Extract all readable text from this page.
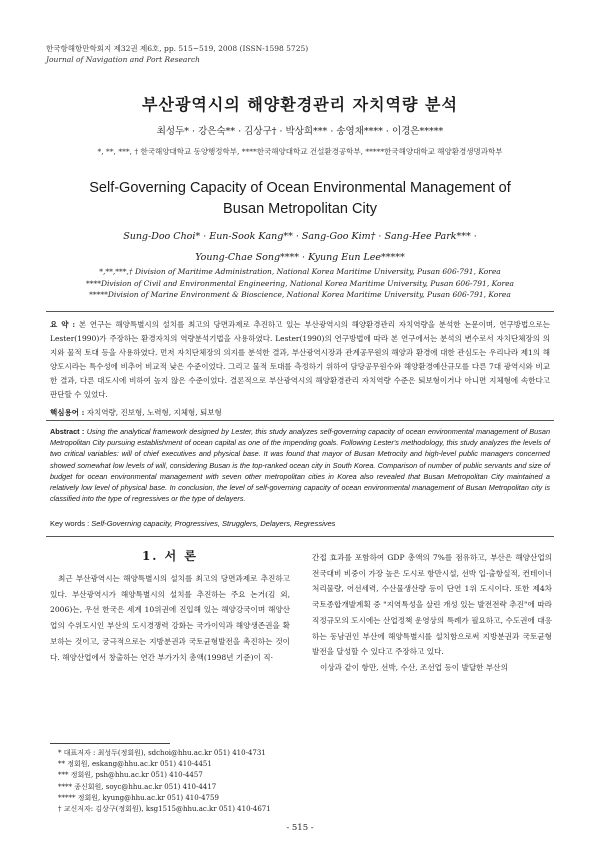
한국항해항만학회지 제32권 제6호, pp. 515~519, 2008 (ISSN-1598 5725)
Journal of Navigation and Port Research
부산광역시의 해양환경관리 자치역량 분석
최성두* · 강은숙** · 김상구† · 박상희*** · 송영채**** · 이경은*****
*, **, ***, † 한국해양대학교 동양행정학부, ****한국해양대학교 건설환경공학부, *****한국해양대학교 해양환경생명과학부
Self-Governing Capacity of Ocean Environmental Management of Busan Metropolitan City
Sung-Doo Choi* · Eun-Sook Kang** · Sang-Goo Kim† · Sang-Hee Park*** ·
Young-Chae Song**** · Kyung Eun Lee*****
*,**,***,† Division of Maritime Administration, National Korea Maritime University, Pusan 606-791, Korea
****Division of Civil and Environmental Engineering, National Korea Maritime University, Pusan 606-791, Korea
*****Division of Marine Environment & Bioscience, National Korea Maritime University, Pusan 606-791, Korea
요 약 : 본 연구는 해양특별시의 설치를 최고의 당면과제로 추진하고 있는 부산광역시의 해양환경관리 자치역량을 분석한 논문이며, 연구방법으로는 Lester(1990)가 주장하는 환경자치의 역량분석기법을 사용하였다. Lester(1990)의 연구방법에 따라 본 연구에서는 분석의 변수로서 자치단체장의 의지와 물적 토대 등을 사용하였다. 먼저 자치단체장의 의지를 분석한 결과, 부산광역시장과 관계공무원의 해양과 환경에 대한 관심도는 우리나라 제1의 해양도시라는 특수성에 비추어 비교적 낮은 수준이었다. 그리고 물적 토대를 측정하기 위하여 담당공무원수와 해양환경예산규모를 다른 7대 광역시와 비교한 결과, 다른 대도시에 비하여 높지 않은 수준이었다. 결론적으로 부산광역시의 해양환경관리 자치역량 수준은 퇴보형이거나 아니면 지체형에 속한다고 판단할 수 있었다.
핵심용어 : 자치역량, 진보형, 노력형, 지체형, 퇴보형
Abstract : Using the analytical framework designed by Lester, this study analyzes self-governing capacity of ocean environmental management of Busan Metropolitan City pursuing establishment of ocean capital as one of the impending goals. Following Lester's methodology, this study analyzes the levels of two critical variables: will of chief executives and physical base. It was found that mayor of Busan Metrocity and high-level public managers concerned showed somewhat low levels of will, considering Busan is the top-ranked ocean city in South Korea. Comparison of number of public servants and size of budget for ocean environmental management with seven other metropolitan cities in Korea also revealed that Busan Metropolitan City maintained a relatively low level of physical base. In conclusion, the level of self-governing capacity of ocean environmental management of Busan Metropolitan city is classified into the type of regressives or the type of delayers.
Key words : Self-Governing capacity, Progressives, Strugglers, Delayers, Regressives
1. 서 론

최근 부산광역시는 해양특별시의 설치를 최고의 당면과제로 추진하고 있다. 부산광역시가 해양특별시의 설치를 추진하는 주요 논거(김 외, 2006)는, 우선 한국은 세계 10위권에 진입해 있는 해양강국이며 해양산업의 수위도시인 부산의 도시경쟁력 강화는 국가이익과 해양생존권을 확보하는 것이고, 궁극적으로는 지방분권과 국토균형발전을 촉진하는 것이다. 해양산업에서 창출하는 연간 부가가치 총액(1998년 기준)이 직·

간접 효과를 포함하여 GDP 총액의 7%를 점유하고, 부산은 해양산업의 전국대비 비중이 가장 높은 도시로 항만시설, 선박 입·출항실적, 컨테이너 처리물량, 어선세력, 수산물생산량 등이 단연 1위 도시이다. 또한 제4차 국토종합개발계획 중 "지역특성을 살린 개성 있는 발전전략 추진"에 따라 직정규모의 도시에는 산업정책 운영상의 특례가 필요하고, 수도권에 대응하는 동남권인 부산에 해양특별시를 설치함으로써 지방분권과 국토균형발전을 달성할 수 있다고 주장하고 있다.

이상과 같이 항만, 선박, 수산, 조선업 등이 발달한 부산의

* 대표저자 : 최성두(정회원), sdchoi@hhu.ac.kr 051) 410-4731
** 정회원, eskang@hhu.ac.kr 051) 410-4451
*** 정회원, psh@hhu.ac.kr 051) 410-4457
**** 종신회원, soyc@hhu.ac.kr 051) 410-4417
***** 정회원, kyung@hhu.ac.kr 051) 410-4759
† 교신저자: 김상구(정회원), ksg1515@hhu.ac.kr 051) 410-4671
- 515 -
